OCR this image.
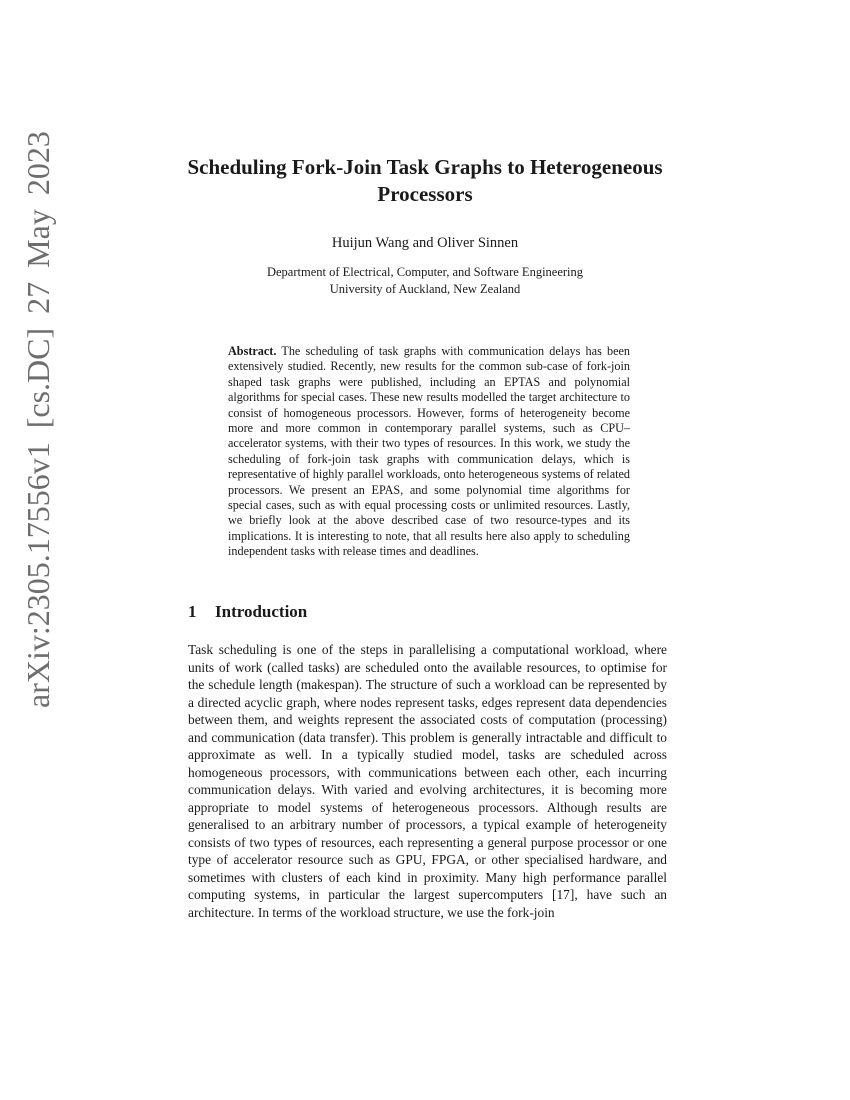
arXiv:2305.17556v1 [cs.DC] 27 May 2023	Scheduling Fork-Join Task Graphs to Heterogeneous Processors
Huijun Wang and Oliver Sinnen
Department of Electrical, Computer, and Software Engineering
University of Auckland, New Zealand

Abstract. The scheduling of task graphs with communication delays has been extensively studied. Recently, new results for the common sub-case of fork-join shaped task graphs were published, including an EPTAS and polynomial algorithms for special cases. These new results modelled the target architecture to consist of homogeneous processors. However, forms of heterogeneity become more and more common in contemporary parallel systems, such as CPU–accelerator systems, with their two types of resources. In this work, we study the scheduling of fork-join task graphs with communication delays, which is representative of highly parallel workloads, onto heterogeneous systems of related processors. We present an EPAS, and some polynomial time algorithms for special cases, such as with equal processing costs or unlimited resources. Lastly, we briefly look at the above described case of two resource-types and its implications. It is interesting to note, that all results here also apply to scheduling independent tasks with release times and deadlines.

1 Introduction

Task scheduling is one of the steps in parallelising a computational workload, where units of work (called tasks) are scheduled onto the available resources, to optimise for the schedule length (makespan). The structure of such a workload can be represented by a directed acyclic graph, where nodes represent tasks, edges represent data dependencies between them, and weights represent the associated costs of computation (processing) and communication (data transfer). This problem is generally intractable and difficult to approximate as well. In a typically studied model, tasks are scheduled across homogeneous processors, with communications between each other, each incurring communication delays. With varied and evolving architectures, it is becoming more appropriate to model systems of heterogeneous processors. Although results are generalised to an arbitrary number of processors, a typical example of heterogeneity consists of two types of resources, each representing a general purpose processor or one type of accelerator resource such as GPU, FPGA, or other specialised hardware, and sometimes with clusters of each kind in proximity. Many high performance parallel computing systems, in particular the largest supercomputers [17], have such an architecture. In terms of the workload structure, we use the fork-join
